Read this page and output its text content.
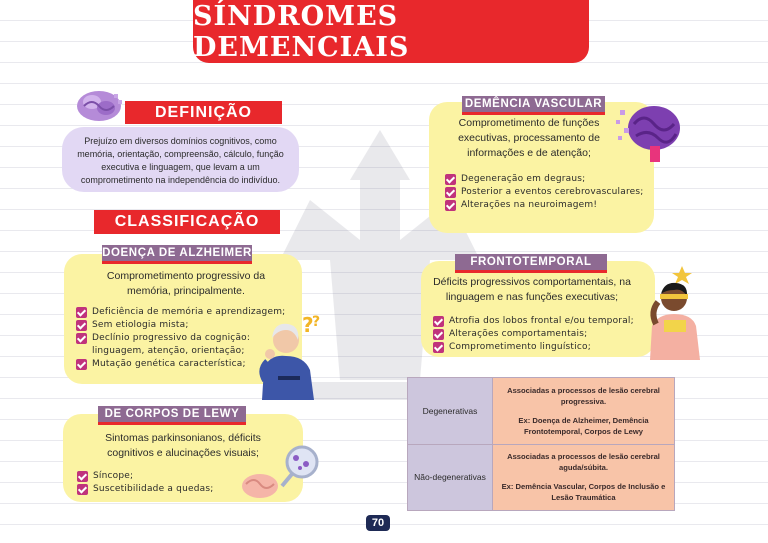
SÍNDROMES DEMENCIAIS
DEFINIÇÃO
Prejuízo em diversos domínios cognitivos, como memória, orientação, compreensão, cálculo, função executiva e linguagem, que levam a um comprometimento na independência do indivíduo.
CLASSIFICAÇÃO
Comprometimento progressivo da memória, principalmente.
Deficiência de memória e aprendizagem;
Sem etiologia mista;
Declínio progressivo da cognição: linguagem, atenção, orientação;
Mutação genética característica;
DOENÇA DE ALZHEIMER
?
?
Sintomas parkinsonianos, déficits cognitivos e alucinações visuais;
Síncope;
Suscetibilidade a quedas;
DE CORPOS DE LEWY
Comprometimento de funções executivas, processamento de informações e de atenção;
Degeneração em degraus;
Posterior a eventos cerebrovasculares;
Alterações na neuroimagem!
DEMÊNCIA VASCULAR
Déficits progressivos comportamentais, na linguagem e nas funções executivas;
Atrofia dos lobos frontal e/ou temporal;
Alterações comportamentais;
Comprometimento linguístico;
FRONTOTEMPORAL
Degenerativas	Associadas a processos de lesão cerebral progressiva.
Ex: Doença de Alzheimer, Demência Frontotemporal, Corpos de Lewy

Não-degenerativas	Associadas a processos de lesão cerebral aguda/súbita.
Ex: Demência Vascular, Corpos de Inclusão e Lesão Traumática
70
